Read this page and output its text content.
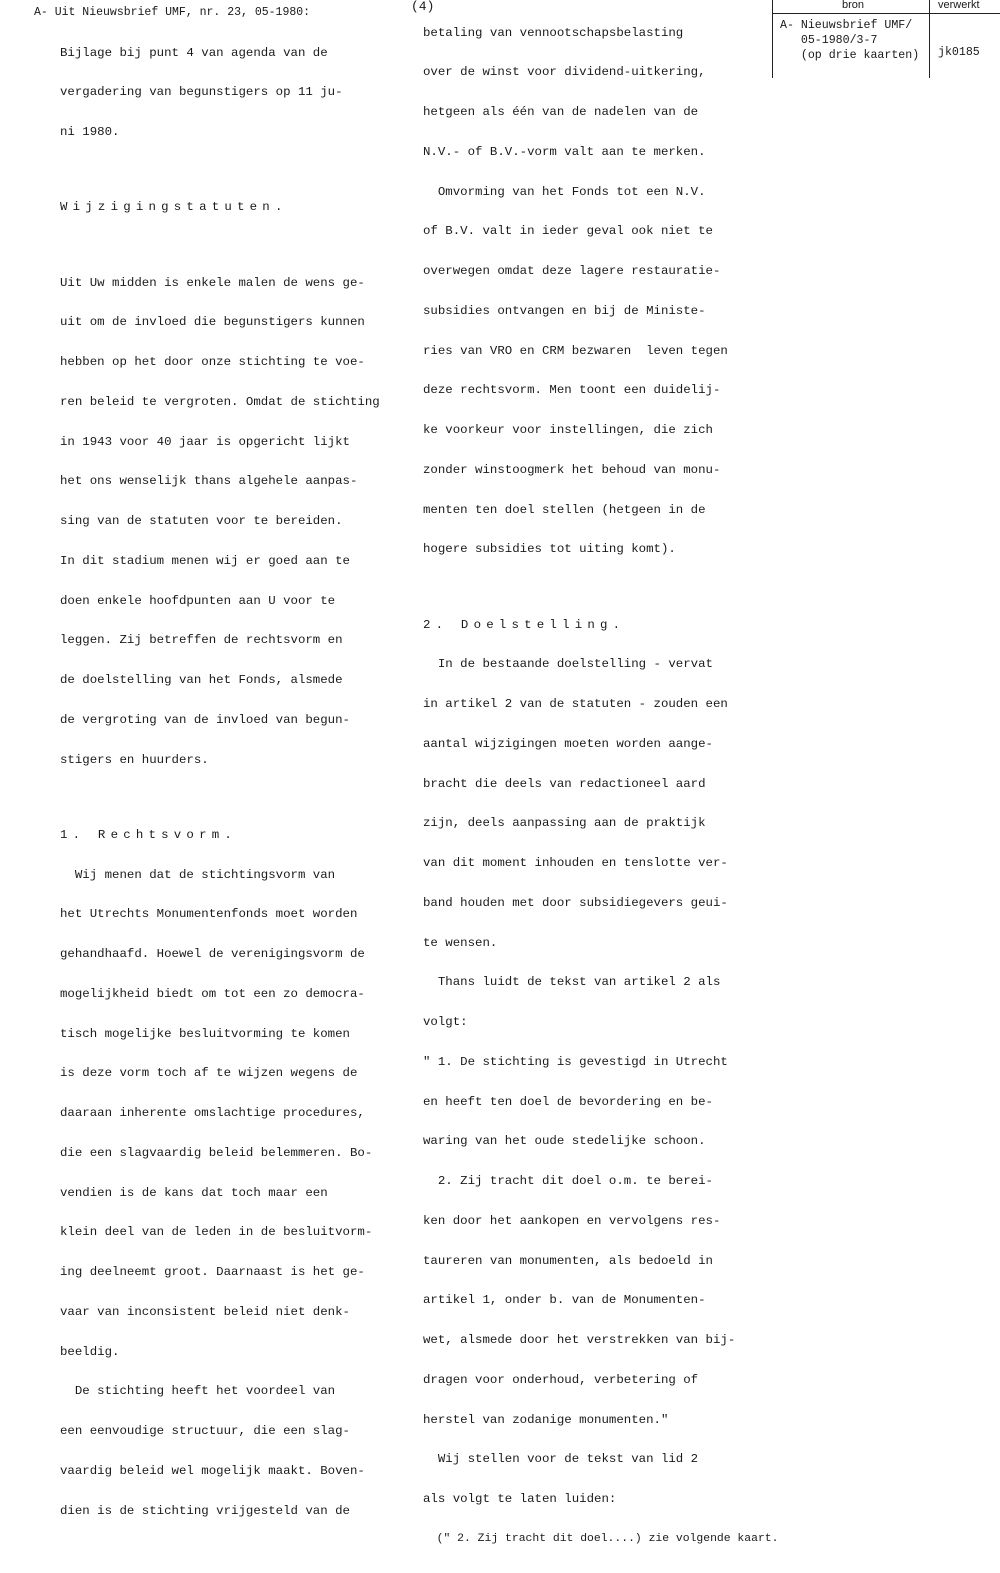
A- Uit Nieuwsbrief UMF, nr. 23, 05-1980:	(4)	bron	verwerkt
A- Nieuwsbrief UMF/
05-1980/3-7
(op drie kaarten) jk0185

Bijlage bij punt 4 van agenda van de

vergadering van begunstigers op 11 ju-

ni 1980.

Wijzigingstatuten.

Uit Uw midden is enkele malen de wens ge-

uit om de invloed die begunstigers kunnen

hebben op het door onze stichting te voe-

ren beleid te vergroten. Omdat de stichting

in 1943 voor 40 jaar is opgericht lijkt

het ons wenselijk thans algehele aanpas-

sing van de statuten voor te bereiden.

In dit stadium menen wij er goed aan te

doen enkele hoofdpunten aan U voor te

leggen. Zij betreffen de rechtsvorm en

de doelstelling van het Fonds, alsmede

de vergroting van de invloed van begun-

stigers en huurders.

1. Rechtsvorm.

Wij menen dat de stichtingsvorm van

het Utrechts Monumentenfonds moet worden

gehandhaafd. Hoewel de verenigingsvorm de

mogelijkheid biedt om tot een zo democra-

tisch mogelijke besluitvorming te komen

is deze vorm toch af te wijzen wegens de

daaraan inherente omslachtige procedures,

die een slagvaardig beleid belemmeren. Bo-

vendien is de kans dat toch maar een

klein deel van de leden in de besluitvorm-

ing deelneemt groot. Daarnaast is het ge-

vaar van inconsistent beleid niet denk-

beeldig.

De stichting heeft het voordeel van

een eenvoudige structuur, die een slag-

vaardig beleid wel mogelijk maakt. Boven-

dien is de stichting vrijgesteld van de

betaling van vennootschapsbelasting

over de winst voor dividend-uitkering,

hetgeen als één van de nadelen van de

N.V.- of B.V.-vorm valt aan te merken.

Omvorming van het Fonds tot een N.V.

of B.V. valt in ieder geval ook niet te

overwegen omdat deze lagere restauratie-

subsidies ontvangen en bij de Ministe-

ries van VRO en CRM bezwaren  leven tegen

deze rechtsvorm. Men toont een duidelij-

ke voorkeur voor instellingen, die zich

zonder winstoogmerk het behoud van monu-

menten ten doel stellen (hetgeen in de

hogere subsidies tot uiting komt).

2. Doelstelling.

In de bestaande doelstelling - vervat

in artikel 2 van de statuten - zouden een

aantal wijzigingen moeten worden aange-

bracht die deels van redactioneel aard

zijn, deels aanpassing aan de praktijk

van dit moment inhouden en tenslotte ver-

band houden met door subsidiegevers geui-

te wensen.

Thans luidt de tekst van artikel 2 als

volgt:

" 1. De stichting is gevestigd in Utrecht

en heeft ten doel de bevordering en be-

waring van het oude stedelijke schoon.

2. Zij tracht dit doel o.m. te berei-

ken door het aankopen en vervolgens res-

taureren van monumenten, als bedoeld in

artikel 1, onder b. van de Monumenten-

wet, alsmede door het verstrekken van bij-

dragen voor onderhoud, verbetering of

herstel van zodanige monumenten."

Wij stellen voor de tekst van lid 2

als volgt te laten luiden:

(" 2. Zij tracht dit doel....) zie volgende kaart.
